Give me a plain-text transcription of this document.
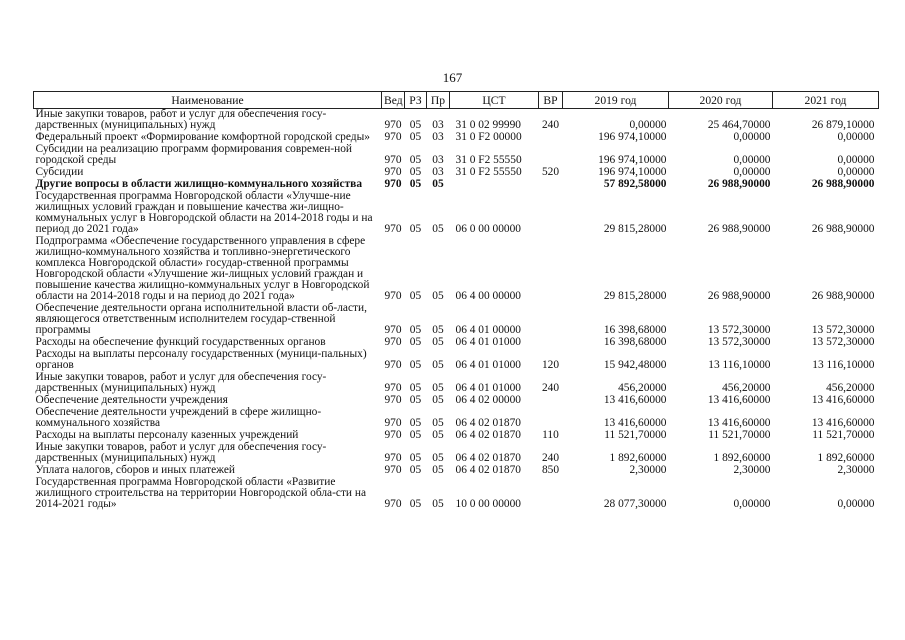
167
Наименование	Вед	РЗ	Пр	ЦСТ	ВР	2019 год	2020 год	2021 год
Иные закупки товаров, работ и услуг для обеспечения госу-дарственных (муниципальных) нужд	970	05	03	31 0 02 99990	240	0,00000	25 464,70000	26 879,10000
Федеральный проект «Формирование комфортной городской среды»	970	05	03	31 0 F2 00000		196 974,10000	0,00000	0,00000
Субсидии на реализацию программ формирования современ-ной городской среды	970	05	03	31 0 F2 55550		196 974,10000	0,00000	0,00000
Субсидии	970	05	03	31 0 F2 55550	520	196 974,10000	0,00000	0,00000
Другие вопросы в области жилищно-коммунального хозяйства	970	05	05			57 892,58000	26 988,90000	26 988,90000
Государственная программа Новгородской области «Улучше-ние жилищных условий граждан и повышение качества жи-лищно-коммунальных услуг в Новгородской области на 2014-2018 годы и на период до 2021 года»	970	05	05	06 0 00 00000		29 815,28000	26 988,90000	26 988,90000
Подпрограмма «Обеспечение государственного управления в сфере жилищно-коммунального хозяйства и топливно-энергетического комплекса Новгородской области» государ-ственной программы Новгородской области «Улучшение жи-лищных условий граждан и повышение качества жилищно-коммунальных услуг в Новгородской области на 2014-2018 годы и на период до 2021 года»	970	05	05	06 4 00 00000		29 815,28000	26 988,90000	26 988,90000
Обеспечение деятельности органа исполнительной власти об-ласти, являющегося ответственным исполнителем государ-ственной программы	970	05	05	06 4 01 00000		16 398,68000	13 572,30000	13 572,30000
Расходы на обеспечение функций государственных органов	970	05	05	06 4 01 01000		16 398,68000	13 572,30000	13 572,30000
Расходы на выплаты персоналу государственных (муници-пальных) органов	970	05	05	06 4 01 01000	120	15 942,48000	13 116,10000	13 116,10000
Иные закупки товаров, работ и услуг для обеспечения госу-дарственных (муниципальных) нужд	970	05	05	06 4 01 01000	240	456,20000	456,20000	456,20000
Обеспечение деятельности учреждения	970	05	05	06 4 02 00000		13 416,60000	13 416,60000	13 416,60000
Обеспечение деятельности учреждений в сфере жилищно-коммунального хозяйства	970	05	05	06 4 02 01870		13 416,60000	13 416,60000	13 416,60000
Расходы на выплаты персоналу казенных учреждений	970	05	05	06 4 02 01870	110	11 521,70000	11 521,70000	11 521,70000
Иные закупки товаров, работ и услуг для обеспечения госу-дарственных (муниципальных) нужд	970	05	05	06 4 02 01870	240	1 892,60000	1 892,60000	1 892,60000
Уплата налогов, сборов и иных платежей	970	05	05	06 4 02 01870	850	2,30000	2,30000	2,30000
Государственная программа Новгородской области «Развитие жилищного строительства на территории Новгородской обла-сти на 2014-2021 годы»	970	05	05	10 0 00 00000		28 077,30000	0,00000	0,00000
